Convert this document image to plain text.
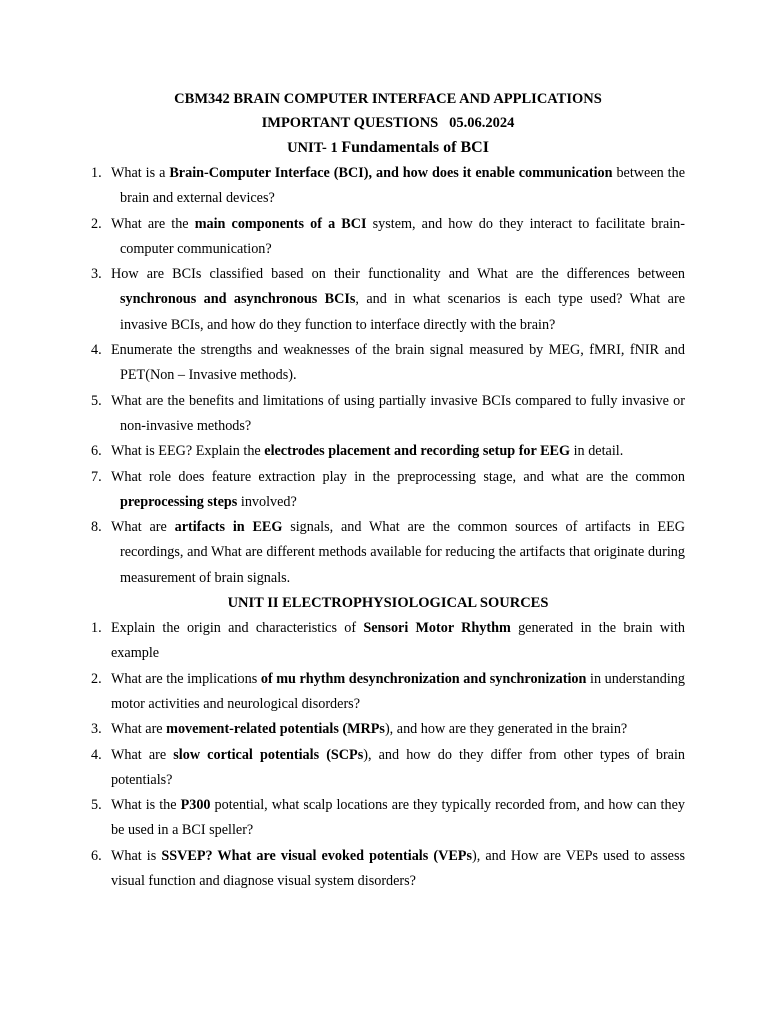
CBM342 BRAIN COMPUTER INTERFACE AND APPLICATIONS

IMPORTANT QUESTIONS   05.06.2024

UNIT- 1 Fundamentals of BCI

1. What is a Brain-Computer Interface (BCI), and how does it enable communication between the brain and external devices?
2. What are the main components of a BCI system, and how do they interact to facilitate brain-computer communication?
3. How are BCIs classified based on their functionality and What are the differences between synchronous and asynchronous BCIs, and in what scenarios is each type used? What are invasive BCIs, and how do they function to interface directly with the brain?
4. Enumerate the strengths and weaknesses of the brain signal measured by MEG, fMRI, fNIR and PET(Non – Invasive methods).
5. What are the benefits and limitations of using partially invasive BCIs compared to fully invasive or non-invasive methods?
6. What is EEG? Explain the electrodes placement and recording setup for EEG in detail.
7. What role does feature extraction play in the preprocessing stage, and what are the common preprocessing steps involved?
8. What are artifacts in EEG signals, and What are the common sources of artifacts in EEG recordings, and What are different methods available for reducing the artifacts that originate during measurement of brain signals.

UNIT II ELECTROPHYSIOLOGICAL SOURCES

1. Explain the origin and characteristics of Sensori Motor Rhythm generated in the brain with example
2. What are the implications of mu rhythm desynchronization and synchronization in understanding motor activities and neurological disorders?
3. What are movement-related potentials (MRPs), and how are they generated in the brain?
4. What are slow cortical potentials (SCPs), and how do they differ from other types of brain potentials?
5. What is the P300 potential, what scalp locations are they typically recorded from, and how can they be used in a BCI speller?
6. What is SSVEP? What are visual evoked potentials (VEPs), and How are VEPs used to assess visual function and diagnose visual system disorders?
